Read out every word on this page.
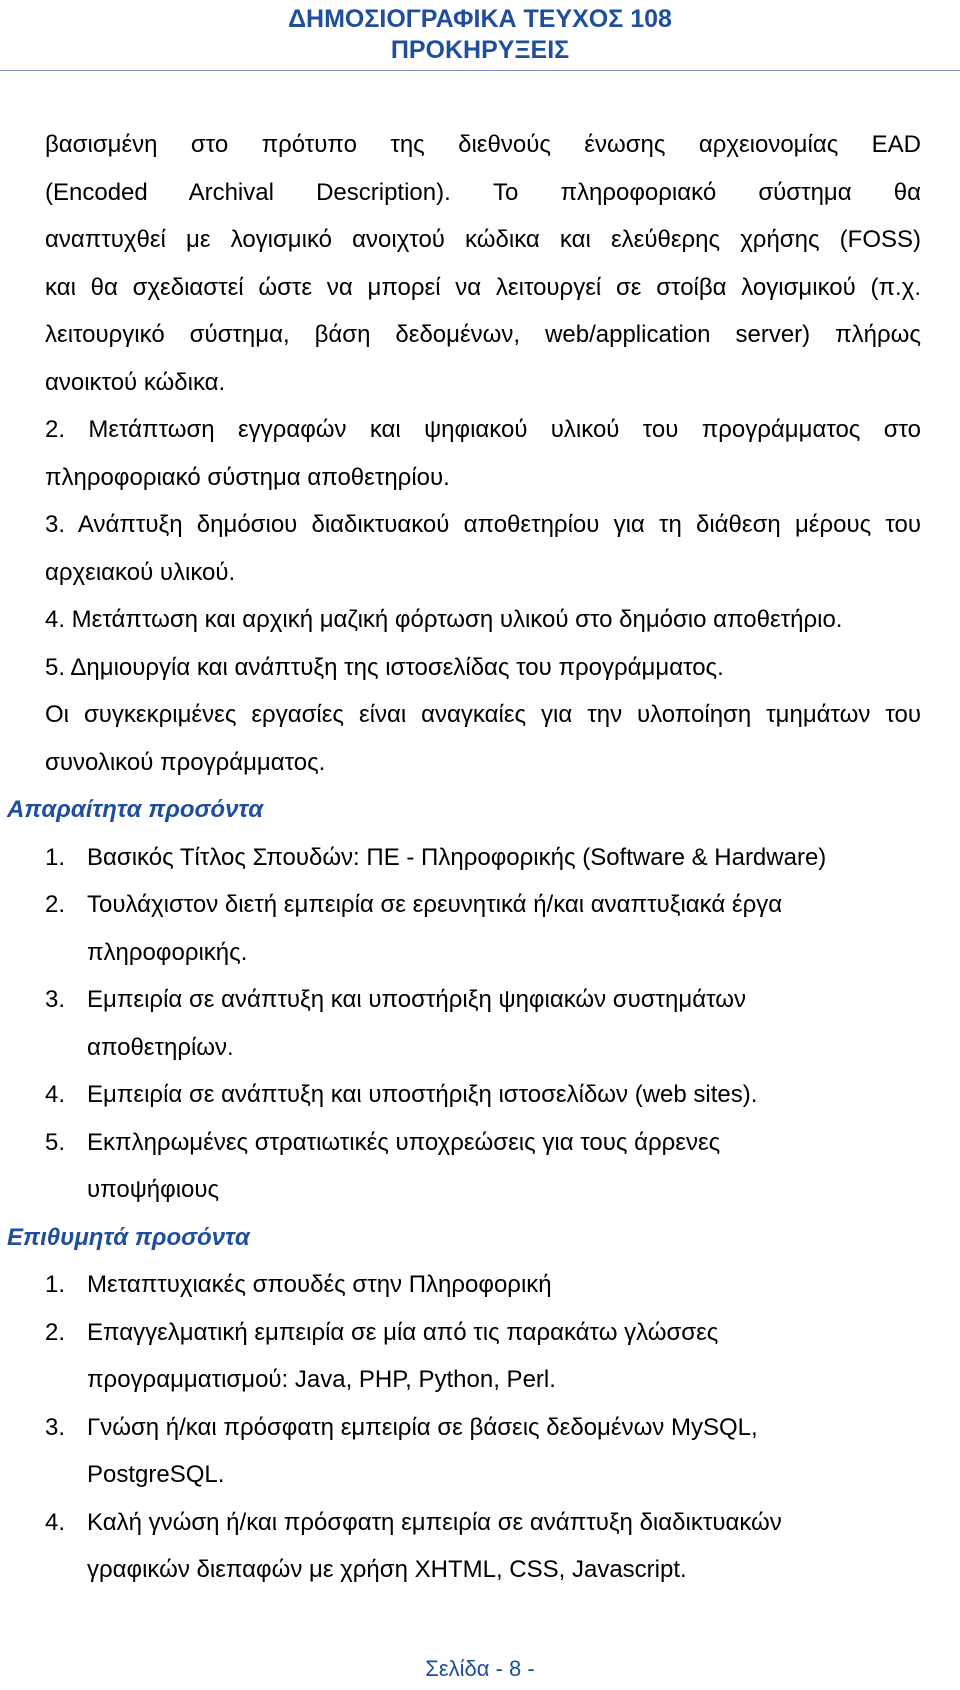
ΔΗΜΟΣΙΟΓΡΑΦΙΚΑ ΤΕΥΧΟΣ 108
ΠΡΟΚΗΡΥΞΕΙΣ

βασισμένη στο πρότυπο της διεθνούς ένωσης αρχειονομίας EAD

(Encoded Archival Description). Το πληροφοριακό σύστημα θα

αναπτυχθεί με λογισμικό ανοιχτού κώδικα και ελεύθερης χρήσης (FOSS)

και θα σχεδιαστεί ώστε να μπορεί να λειτουργεί σε στοίβα λογισμικού (π.χ.

λειτουργικό σύστημα, βάση δεδομένων, web/application server) πλήρως

ανοικτού κώδικα.

2. Μετάπτωση εγγραφών και ψηφιακού υλικού του προγράμματος στο

πληροφοριακό σύστημα αποθετηρίου.

3. Ανάπτυξη δημόσιου διαδικτυακού αποθετηρίου για τη διάθεση μέρους του

αρχειακού υλικού.

4. Μετάπτωση και αρχική μαζική φόρτωση υλικού στο δημόσιο αποθετήριο.

5. Δημιουργία και ανάπτυξη της ιστοσελίδας του προγράμματος.

Οι συγκεκριμένες εργασίες είναι αναγκαίες για την υλοποίηση τμημάτων του

συνολικού προγράμματος.

Απαραίτητα προσόντα

1. Βασικός Τίτλος Σπουδών: ΠΕ - Πληροφορικής (Software & Hardware)
2. Τουλάχιστον διετή εμπειρία σε ερευνητικά ή/και αναπτυξιακά έργα
πληροφορικής.
3. Εμπειρία σε ανάπτυξη και υποστήριξη ψηφιακών συστημάτων
αποθετηρίων.
4. Εμπειρία σε ανάπτυξη και υποστήριξη ιστοσελίδων (web sites).
5. Εκπληρωμένες στρατιωτικές υποχρεώσεις για τους άρρενες
υποψήφιους

Επιθυμητά προσόντα

1. Μεταπτυχιακές σπουδές στην Πληροφορική
2. Επαγγελματική εμπειρία σε μία από τις παρακάτω γλώσσες
προγραμματισμού: Java, PHP, Python, Perl.
3. Γνώση ή/και πρόσφατη εμπειρία σε βάσεις δεδομένων MySQL,
PostgreSQL.
4. Καλή γνώση ή/και πρόσφατη εμπειρία σε ανάπτυξη διαδικτυακών
γραφικών διεπαφών με χρήση XHTML, CSS, Javascript.
Σελίδα - 8 -
